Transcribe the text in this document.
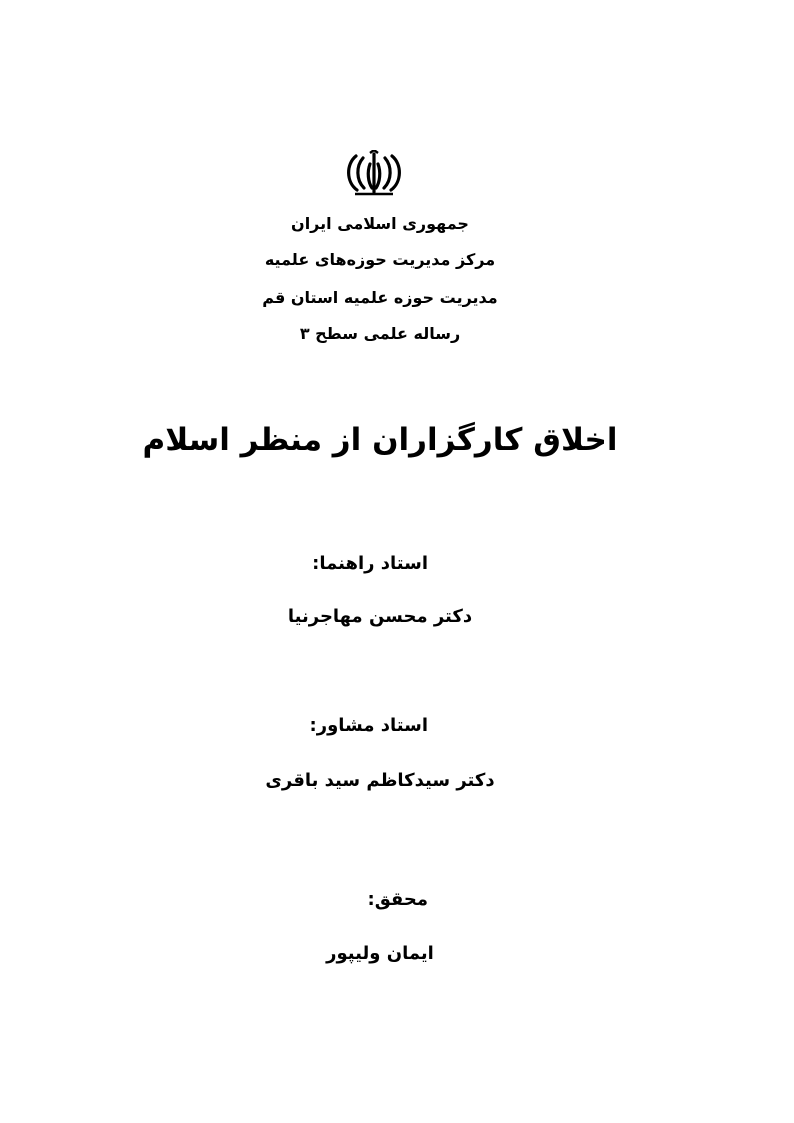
جمهوری اسلامی ایران
مرکز مدیریت حوزه‌های علمیه
مدیریت حوزه علمیه استان قم
رساله علمی سطح ۳
اخلاق کارگزاران از منظر اسلام
استاد راهنما:
دکتر محسن مهاجرنیا
استاد مشاور:
دکتر سیدکاظم سید باقری
محقق:
ایمان ولیپور
